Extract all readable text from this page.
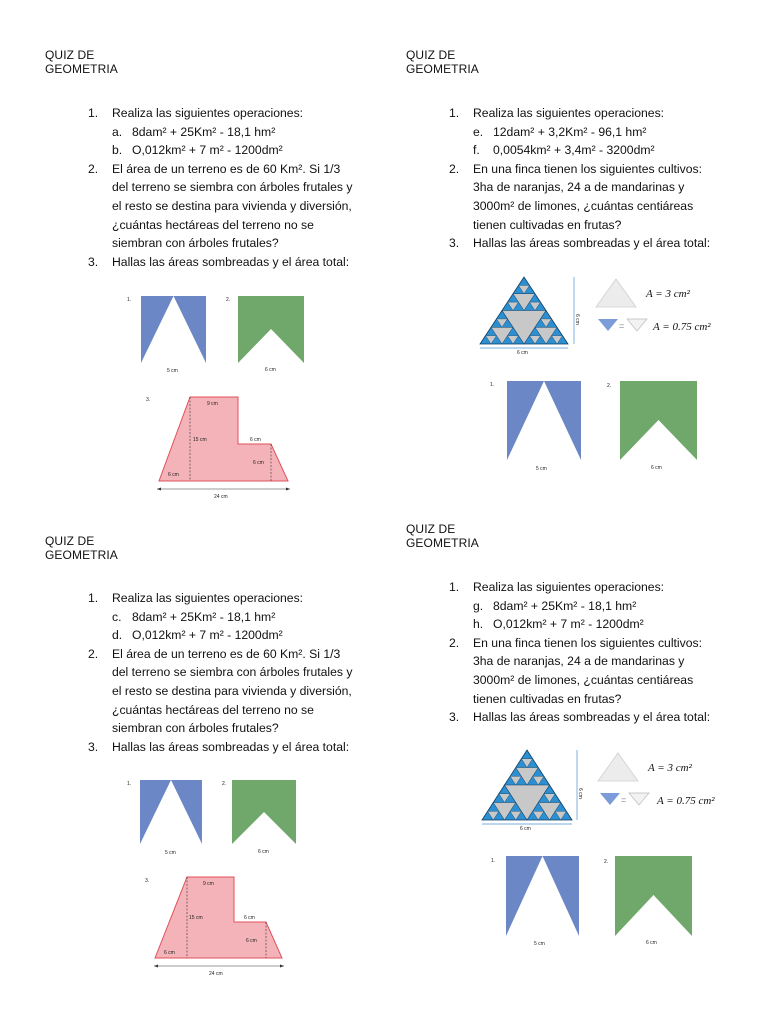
QUIZ DE GEOMETRIA
1. Realiza las siguientes operaciones:
a. 8dam² + 25Km² - 18,1 hm²
b. O,012km² + 7 m² - 1200dm²
2. El área de un terreno es de 60 Km². Si 1/3
del terreno se siembra con árboles frutales y
el resto se destina para vivienda y diversión,
¿cuántas hectáreas del terreno no se
siembran con árboles frutales?
3. Hallas las áreas sombreadas y el área total:
1.
5 cm
2.
6 cm
3.
9 cm
15 cm	6 cm
6 cm
6 cm
24 cm
QUIZ DE GEOMETRIA
1. Realiza las siguientes operaciones:
e. 12dam² + 3,2Km² - 96,1 hm²
f. 0,0054km² + 3,4m² - 3200dm²
2. En una finca tienen los siguientes cultivos:
3ha de naranjas, 24 a de mandarinas y
3000m² de limones, ¿cuántas centiáreas
tienen cultivadas en frutas?
3. Hallas las áreas sombreadas y el área total:
6 cm
6 cm
A = 3 cm²
=	A = 0.75 cm²
1.
5 cm
2.
6 cm
QUIZ DE GEOMETRIA
1. Realiza las siguientes operaciones:
c. 8dam² + 25Km² - 18,1 hm²
d. O,012km² + 7 m² - 1200dm²
2. El área de un terreno es de 60 Km². Si 1/3
del terreno se siembra con árboles frutales y
el resto se destina para vivienda y diversión,
¿cuántas hectáreas del terreno no se
siembran con árboles frutales?
3. Hallas las áreas sombreadas y el área total:
1.
5 cm
2.
6 cm
3.	9 cm
15 cm	6 cm
6 cm
6 cm
24 cm
QUIZ DE GEOMETRIA
1. Realiza las siguientes operaciones:
g. 8dam² + 25Km² - 18,1 hm²
h. O,012km² + 7 m² - 1200dm²
2. En una finca tienen los siguientes cultivos:
3ha de naranjas, 24 a de mandarinas y
3000m² de limones, ¿cuántas centiáreas
tienen cultivadas en frutas?
3. Hallas las áreas sombreadas y el área total:
6 cm
6 cm
A = 3 cm²
=	A = 0.75 cm²
1.
5 cm
2.
6 cm
